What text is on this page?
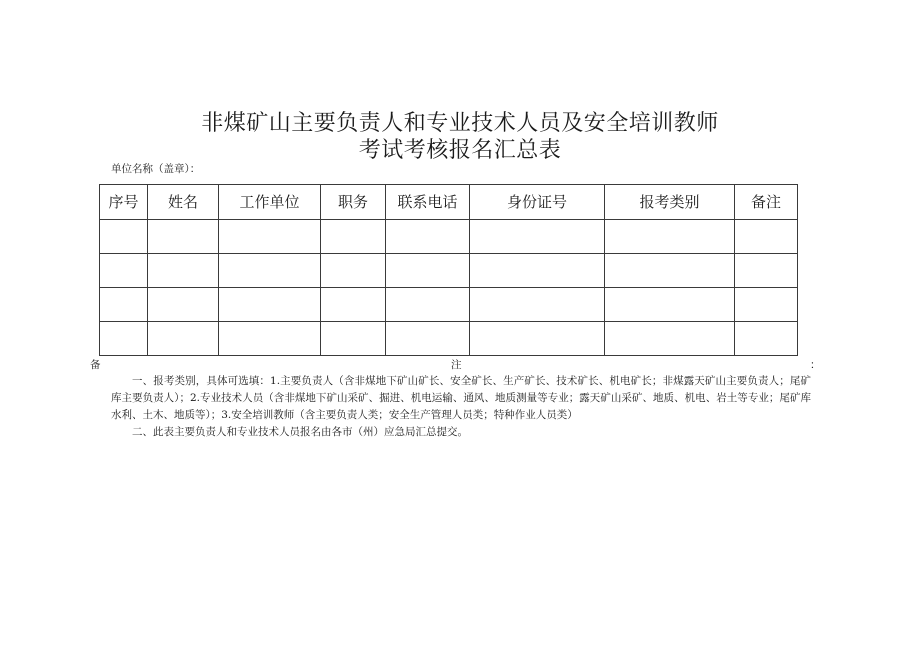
非煤矿山主要负责人和专业技术人员及安全培训教师
考试考核报名汇总表
单位名称（盖章）：
序号	姓名	工作单位	职务	联系电话	身份证号	报考类别	备注

备	注	：

一、报考类别，具体可选填：1.主要负责人（含非煤地下矿山矿长、安全矿长、生产矿长、技术矿长、机电矿长；非煤露天矿山主要负责人；尾矿库主要负责人）；2.专业技术人员（含非煤地下矿山采矿、掘进、机电运输、通风、地质测量等专业；露天矿山采矿、地质、机电、岩土等专业；尾矿库水利、土木、地质等）；3.安全培训教师（含主要负责人类；安全生产管理人员类；特种作业人员类）

二、此表主要负责人和专业技术人员报名由各市（州）应急局汇总提交。
